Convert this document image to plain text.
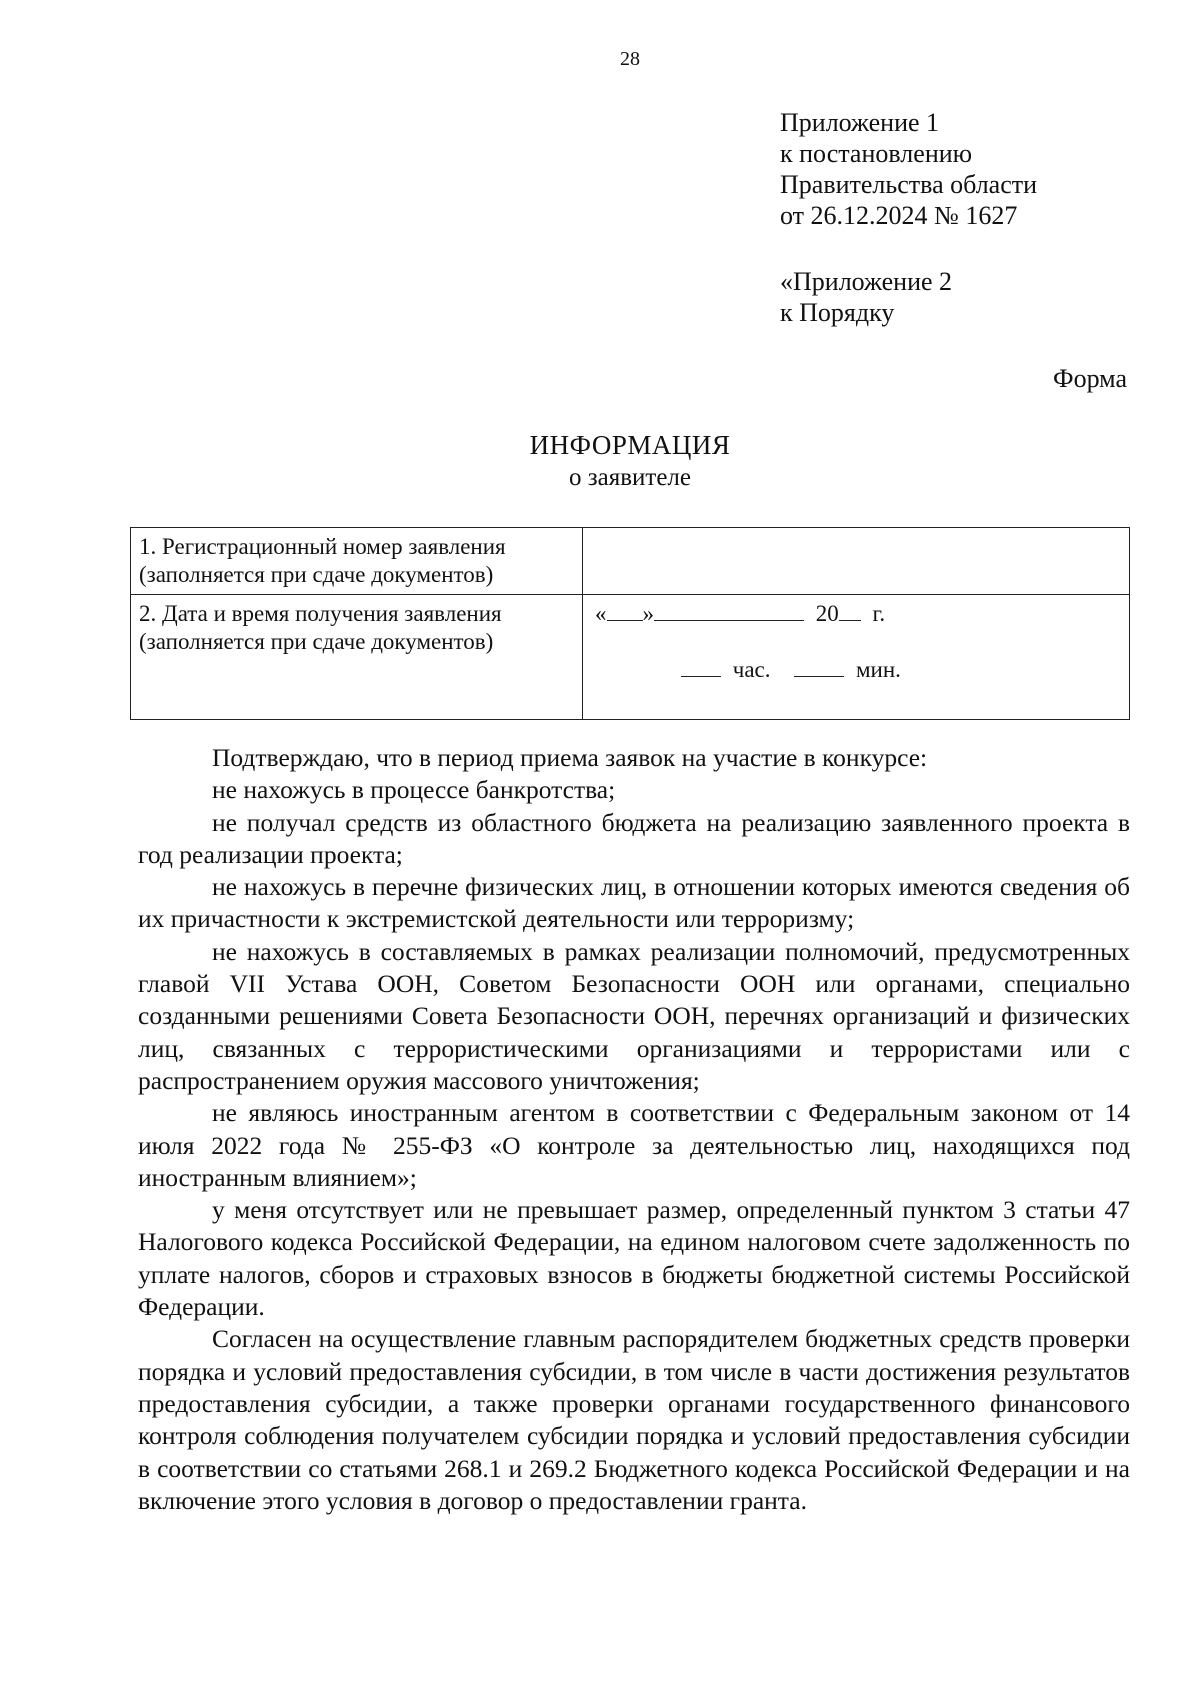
28
Приложение 1
к постановлению
Правительства области
от 26.12.2024 № 1627
«Приложение 2
к Порядку
Форма
ИНФОРМАЦИЯ
о заявителе
1. Регистрационный номер заявления (заполняется при сдаче документов)	
2. Дата и время получения заявления (заполняется при сдаче документов)	« » 20 г.
час. мин.

Подтверждаю, что в период приема заявок на участие в конкурсе:

не нахожусь в процессе банкротства;

не получал средств из областного бюджета на реализацию заявленного проекта в год реализации проекта;

не нахожусь в перечне физических лиц, в отношении которых имеются сведения об их причастности к экстремистской деятельности или терроризму;

не нахожусь в составляемых в рамках реализации полномочий, предусмотренных главой VII Устава ООН, Советом Безопасности ООН или органами, специально созданными решениями Совета Безопасности ООН, перечнях организаций и физических лиц, связанных с террористическими организациями и террористами или с распространением оружия массового уничтожения;

не являюсь иностранным агентом в соответствии с Федеральным законом от 14 июля 2022 года № 255-ФЗ «О контроле за деятельностью лиц, находящихся под иностранным влиянием»;

у меня отсутствует или не превышает размер, определенный пунктом 3 статьи 47 Налогового кодекса Российской Федерации, на едином налоговом счете задолженность по уплате налогов, сборов и страховых взносов в бюджеты бюджетной системы Российской Федерации.

Согласен на осуществление главным распорядителем бюджетных средств проверки порядка и условий предоставления субсидии, в том числе в части достижения результатов предоставления субсидии, а также проверки органами государственного финансового контроля соблюдения получателем субсидии порядка и условий предоставления субсидии в соответствии со статьями 268.1 и 269.2 Бюджетного кодекса Российской Федерации и на включение этого условия в договор о предоставлении гранта.
